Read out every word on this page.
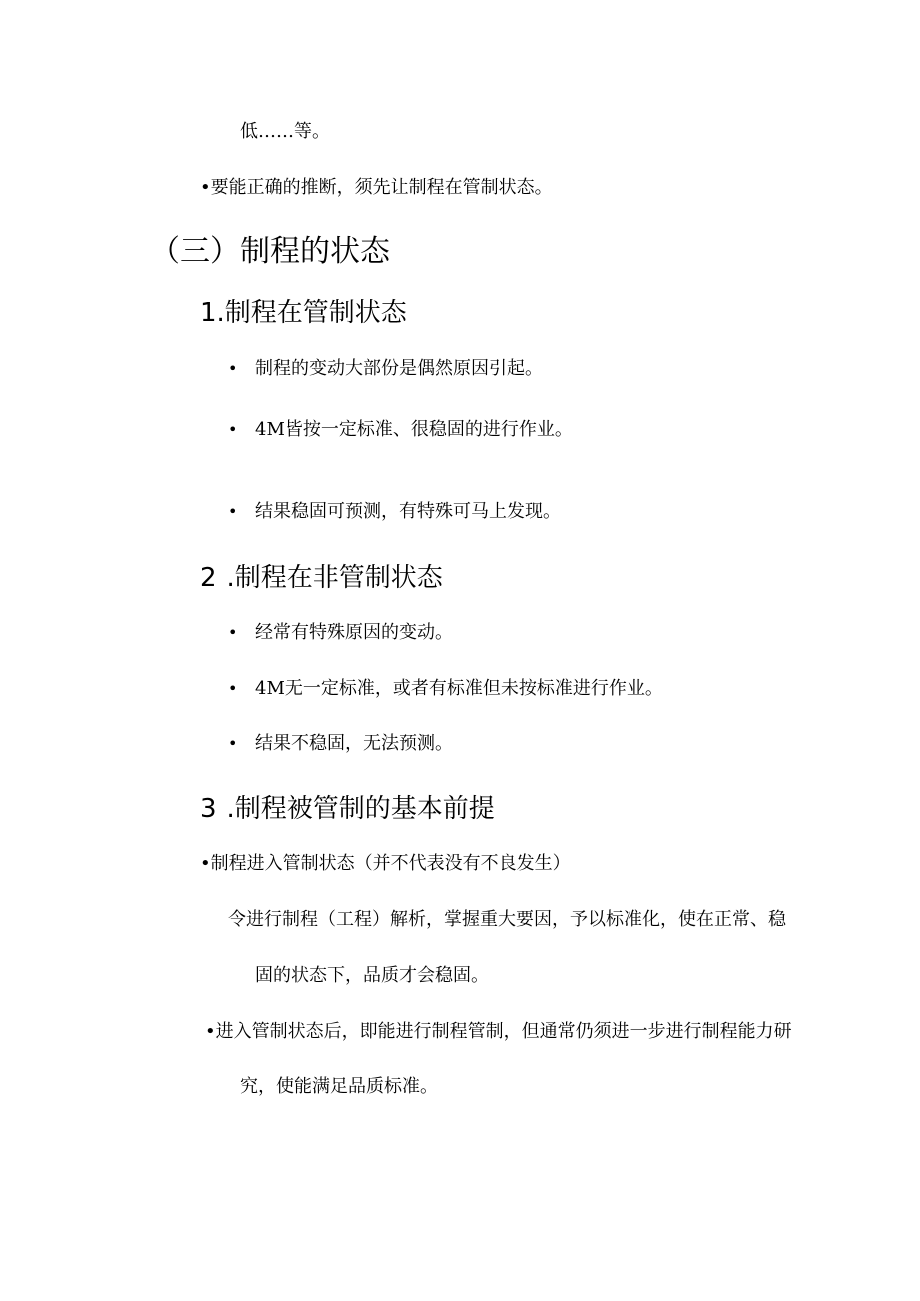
低……等。
•要能正确的推断，须先让制程在管制状态。
（三）制程的状态
1.制程在管制状态
• 制程的变动大部份是偶然原因引起。
• 4M皆按一定标准、很稳固的进行作业。
• 结果稳固可预测，有特殊可马上发现。
2 .制程在非管制状态
• 经常有特殊原因的变动。
• 4M无一定标准，或者有标准但未按标准进行作业。
• 结果不稳固，无法预测。
3 .制程被管制的基本前提
•制程进入管制状态（并不代表没有不良发生）
令进行制程（工程）解析，掌握重大要因，予以标准化，使在正常、稳
固的状态下，品质才会稳固。
•进入管制状态后，即能进行制程管制，但通常仍须进一步进行制程能力研
究，使能满足品质标准。
